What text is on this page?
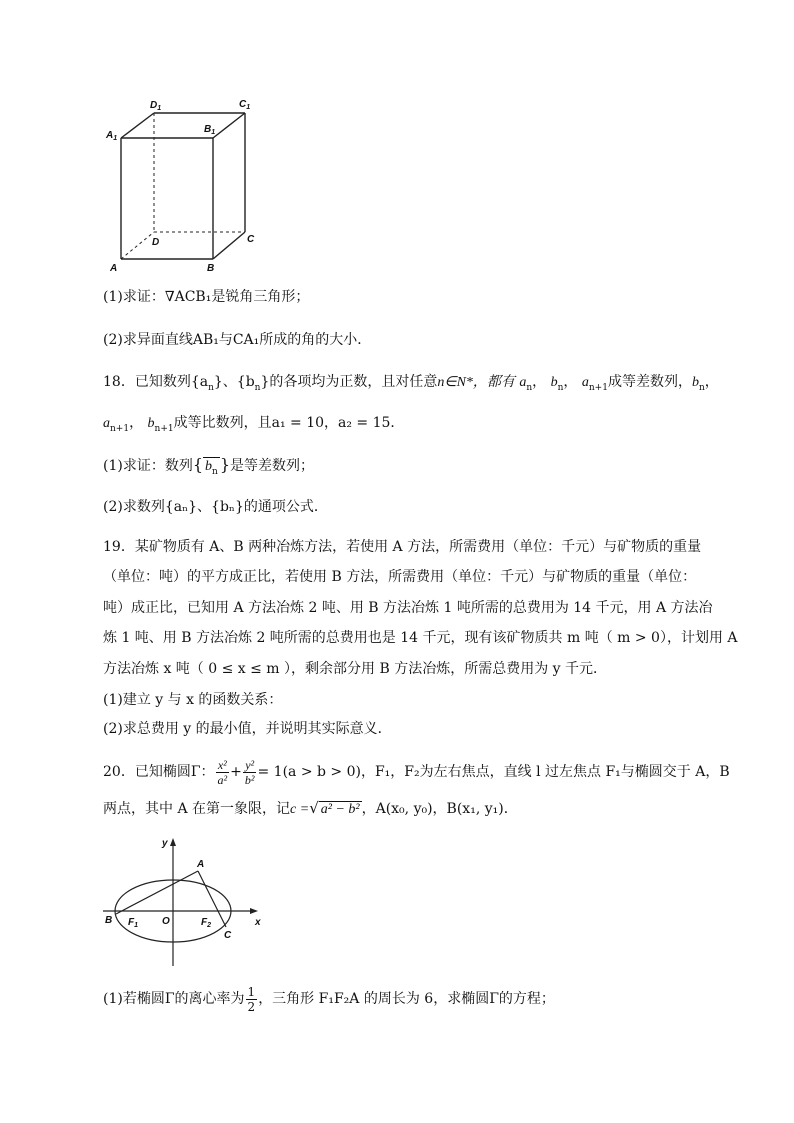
$D_1$	$C_1$
$A_1$
$B_1$
D	C
A	B
(1)求证：∇ACB₁是锐角三角形；
(2)求异面直线AB₁与CA₁所成的角的大小．
18．已知数列$\{a_n\}$、$\{b_n\}$的各项均为正数，且对任意n∈N*，都有 $a_n$， $b_n$， $a_{n+1}$成等差数列，$b_n$，
$a_{n+1}$， $b_{n+1}$成等比数列，且a₁ = 10，a₂ = 15．
(1)求证：数列{ $b_n$ }是等差数列；
(2)求数列{aₙ}、{bₙ}的通项公式．
19．某矿物质有 A、B 两种冶炼方法，若使用 A 方法，所需费用（单位：千元）与矿物质的重量
（单位：吨）的平方成正比，若使用 B 方法，所需费用（单位：千元）与矿物质的重量（单位：
吨）成正比，已知用 A 方法冶炼 2 吨、用 B 方法冶炼 1 吨所需的总费用为 14 千元，用 A 方法冶
炼 1 吨、用 B 方法冶炼 2 吨所需的总费用也是 14 千元，现有该矿物质共 m 吨（ m > 0），计划用 A
方法冶炼 x 吨（ 0 ≤ x ≤ m ），剩余部分用 B 方法冶炼，所需总费用为 y 千元．
(1)建立 y 与 x 的函数关系：
(2)求总费用 y 的最小值，并说明其实际意义．
20．已知椭圆Γ： $\frac{\text{x²}}{\text{a²}} + \frac{\text{y²}}{\text{b²}} = 1(a > b > 0)$，F₁，F₂为左右焦点，直线 l 过左焦点 F₁与椭圆交于 A，B
两点，其中 A 在第一象限，记c =√ a² − b² ，A(x₀, y₀)，B(x₁, y₁)．
y
x
A
B
C
O
$F_1$	$F_2$
(1)若椭圆Γ的离心率为 $\frac{1}{2}$ ，三角形 F₁F₂A 的周长为 6，求椭圆Γ的方程；
